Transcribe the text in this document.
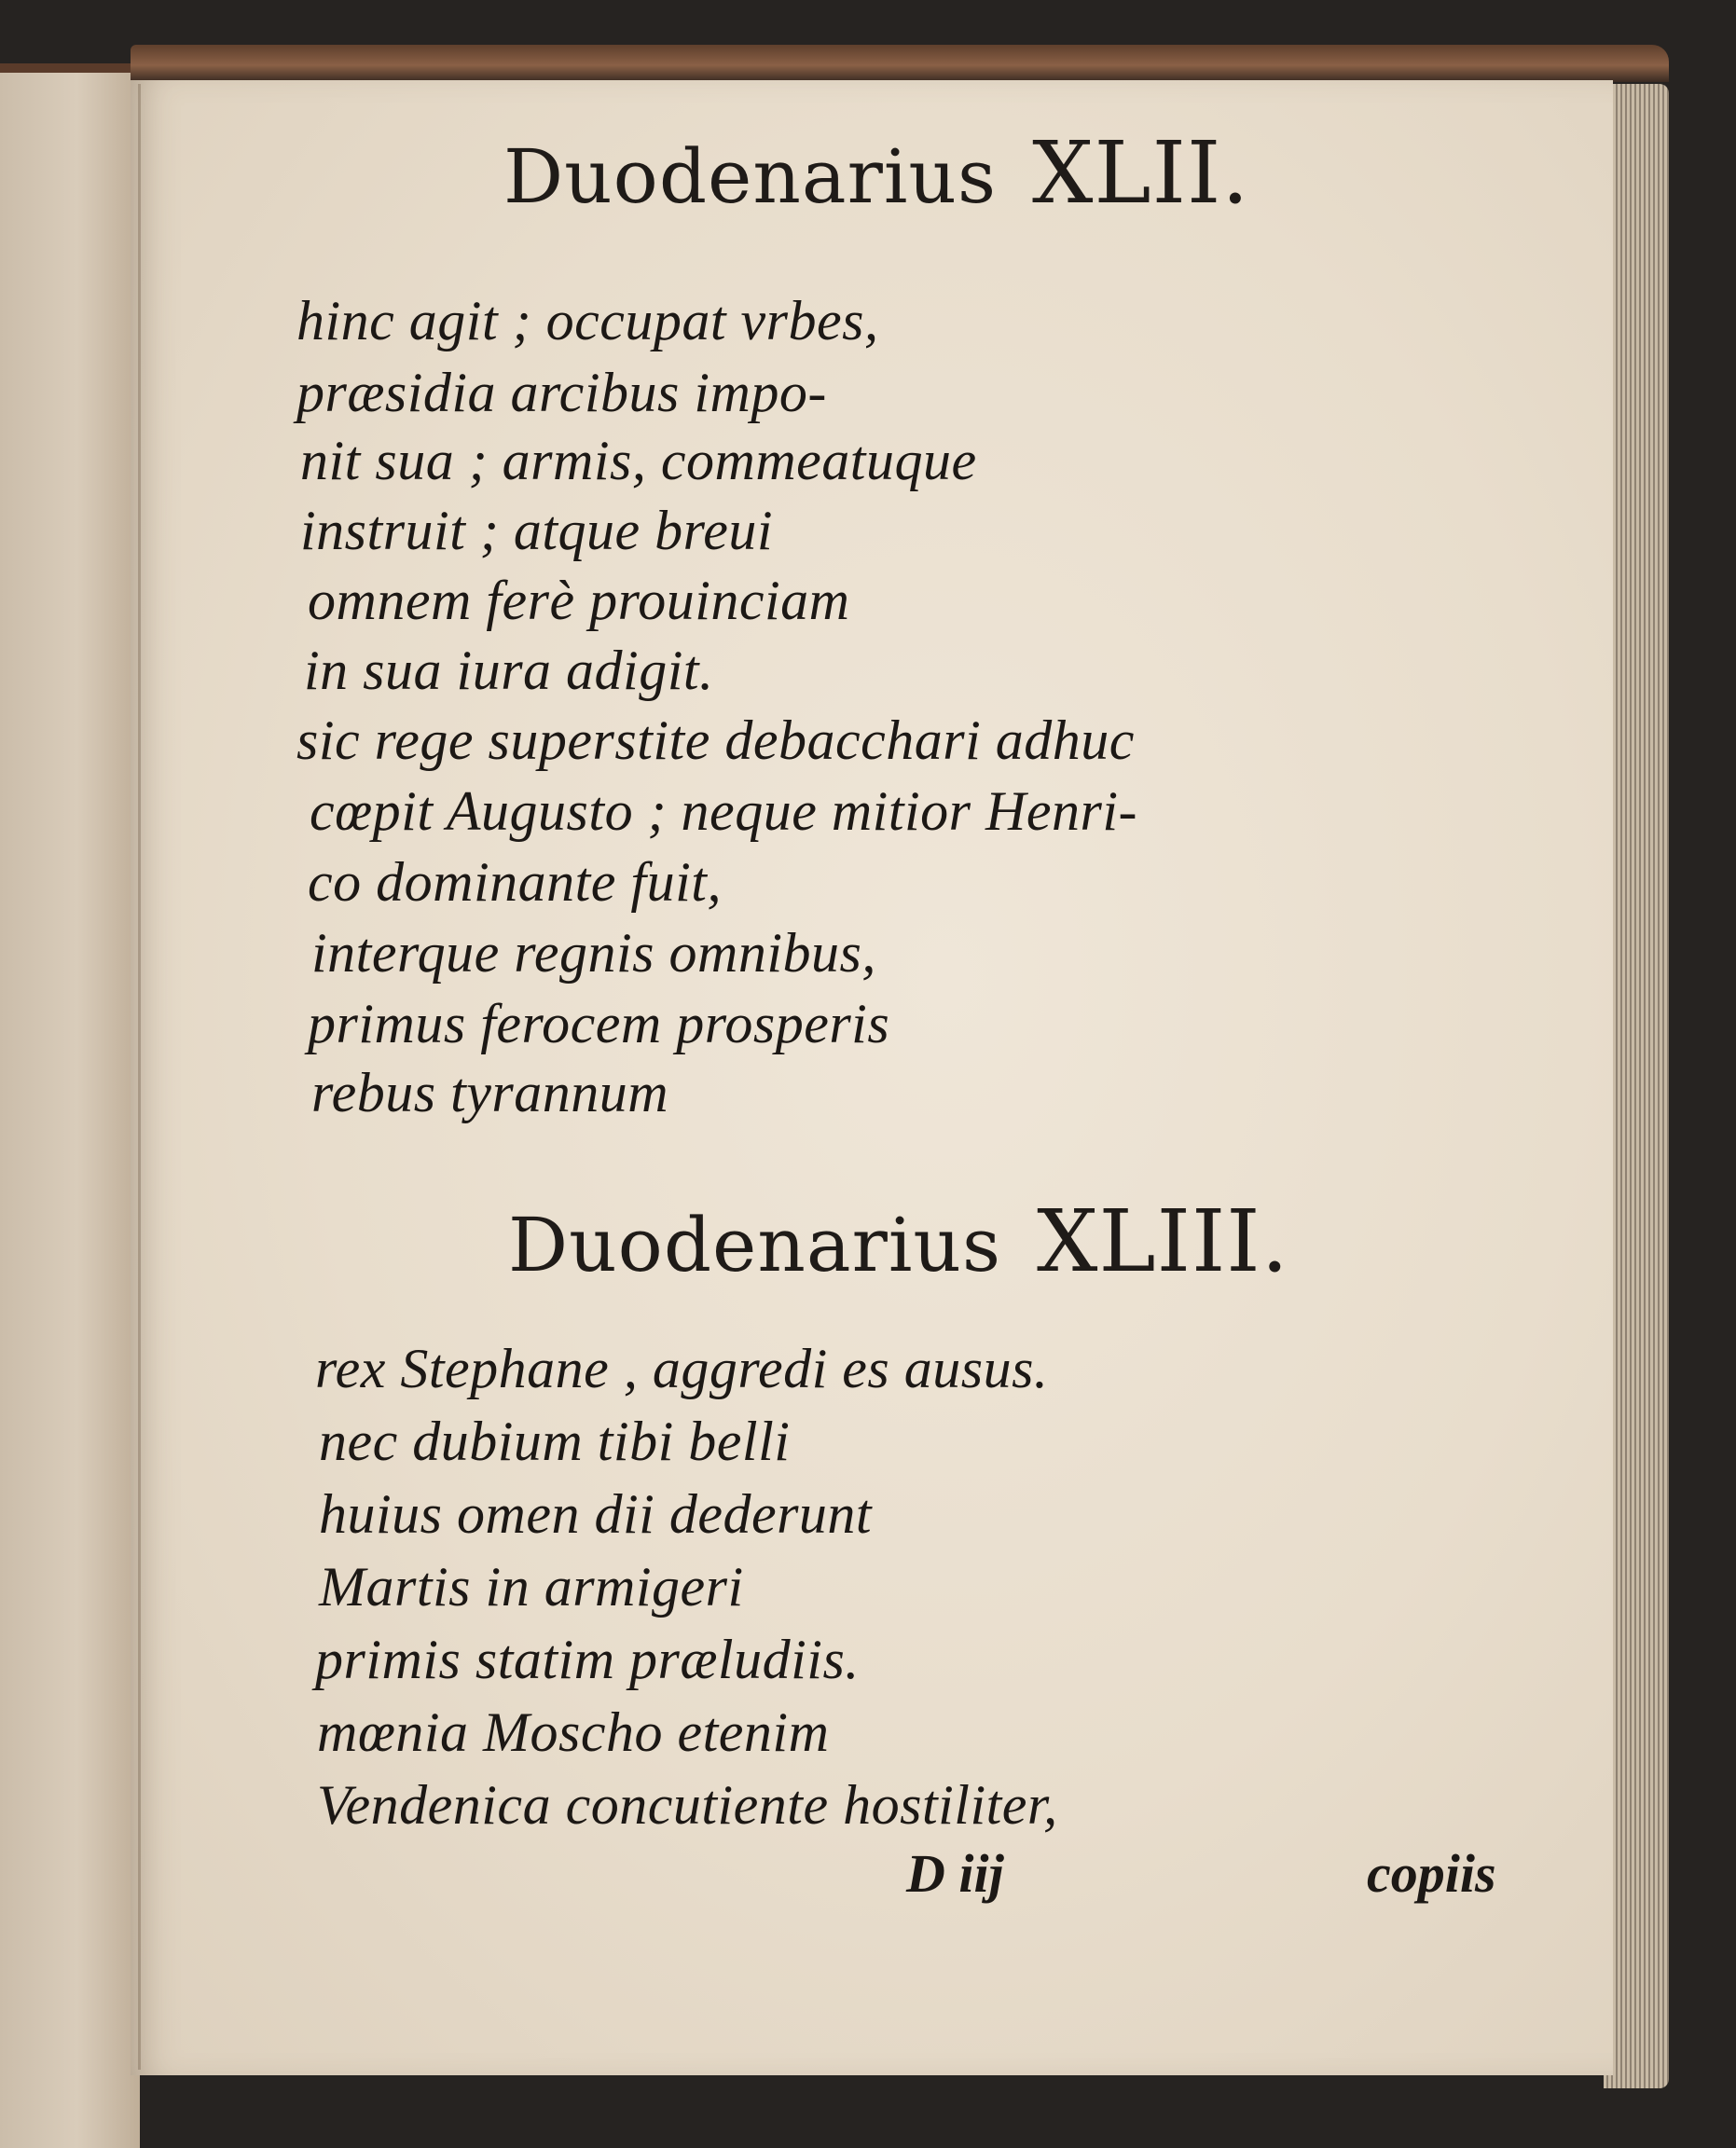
Duodenarius XLII.
hinc agit ; occupat vrbes,
præsidia arcibus impo-
nit sua ; armis, commeatuque
instruit ; atque breui
omnem ferè prouinciam
in sua iura adigit.
sic rege superstite debacchari adhuc
cœpit Augusto ; neque mitior Henri-
co dominante fuit,
interque regnis omnibus,
primus ferocem prosperis
rebus tyrannum
Duodenarius XLIII.
rex Stephane , aggredi es ausus.
nec dubium tibi belli
huius omen dii dederunt
Martis in armigeri
primis statim præludiis.
mœnia Moscho etenim
Vendenica concutiente hostiliter,
D iij	copiis
